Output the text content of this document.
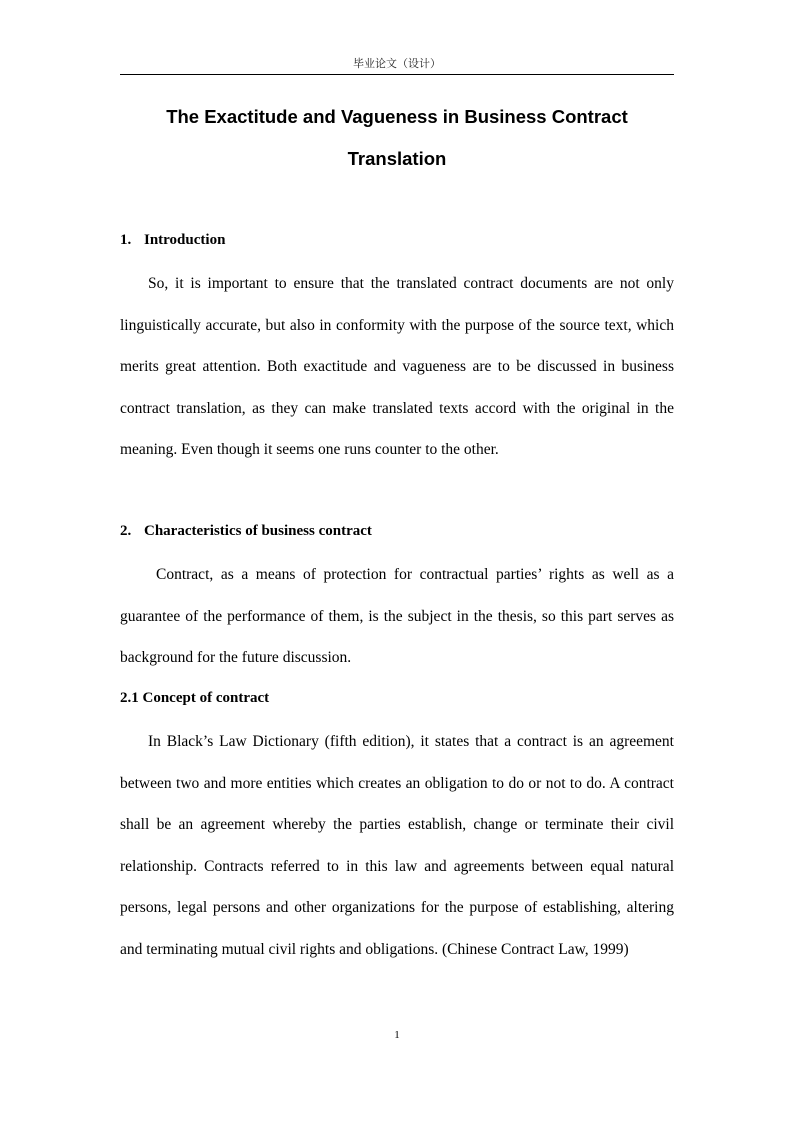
毕业论文（设计）
The Exactitude and Vagueness in Business Contract
Translation
1. Introduction

So, it is important to ensure that the translated contract documents are not only linguistically accurate, but also in conformity with the purpose of the source text, which merits great attention. Both exactitude and vagueness are to be discussed in business contract translation, as they can make translated texts accord with the original in the meaning. Even though it seems one runs counter to the other.

2. Characteristics of business contract

Contract, as a means of protection for contractual parties’ rights as well as a guarantee of the performance of them, is the subject in the thesis, so this part serves as background for the future discussion.

2.1 Concept of contract

In Black’s Law Dictionary (fifth edition), it states that a contract is an agreement between two and more entities which creates an obligation to do or not to do. A contract shall be an agreement whereby the parties establish, change or terminate their civil relationship. Contracts referred to in this law and agreements between equal natural persons, legal persons and other organizations for the purpose of establishing, altering and terminating mutual civil rights and obligations. (Chinese Contract Law, 1999)

1
